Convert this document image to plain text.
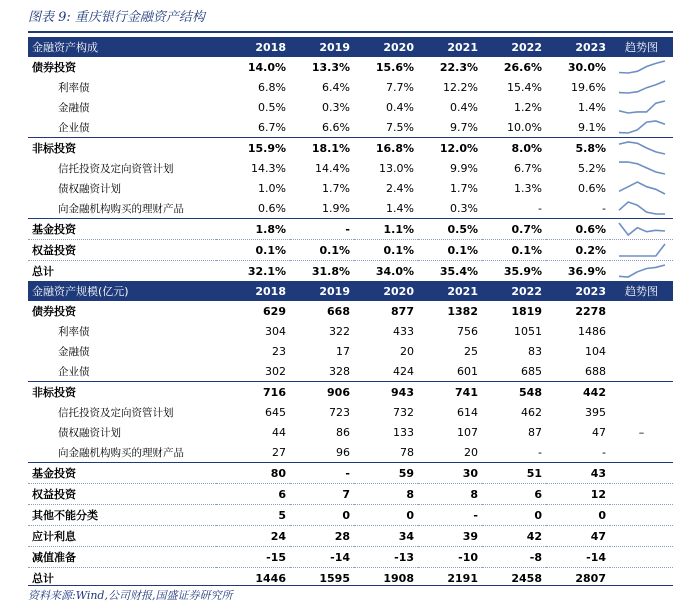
图表 9: 重庆银行金融资产结构
金融资产构成	2018	2019	2020	2021	2022	2023	趋势图
债券投资	14.0%	13.3%	15.6%	22.3%	26.6%	30.0%	

利率债	6.8%	6.4%	7.7%	12.2%	15.4%	19.6%	

金融债	0.5%	0.3%	0.4%	0.4%	1.2%	1.4%	

企业债	6.7%	6.6%	7.5%	9.7%	10.0%	9.1%	

非标投资	15.9%	18.1%	16.8%	12.0%	8.0%	5.8%	

信托投资及定向资管计划	14.3%	14.4%	13.0%	9.9%	6.7%	5.2%	

债权融资计划	1.0%	1.7%	2.4%	1.7%	1.3%	0.6%	

向金融机构购买的理财产品	0.6%	1.9%	1.4%	0.3%	-	-	

基金投资	1.8%	-	1.1%	0.5%	0.7%	0.6%	

权益投资	0.1%	0.1%	0.1%	0.1%	0.1%	0.2%	

总计	32.1%	31.8%	34.0%	35.4%	35.9%	36.9%	

金融资产规模(亿元)	2018	2019	2020	2021	2022	2023	趋势图
债券投资	629	668	877	1382	1819	2278	
利率债	304	322	433	756	1051	1486	
金融债	23	17	20	25	83	104	
企业债	302	328	424	601	685	688	
非标投资	716	906	943	741	548	442	
信托投资及定向资管计划	645	723	732	614	462	395	
债权融资计划	44	86	133	107	87	47	–
向金融机构购买的理财产品	27	96	78	20	-	-	
基金投资	80	-	59	30	51	43	
权益投资	6	7	8	8	6	12	
其他不能分类	5	0	0	-	0	0	
应计利息	24	28	34	39	42	47	
减值准备	-15	-14	-13	-10	-8	-14	
总计	1446	1595	1908	2191	2458	2807	
资料来源:Wind,公司财报,国盛证券研究所
